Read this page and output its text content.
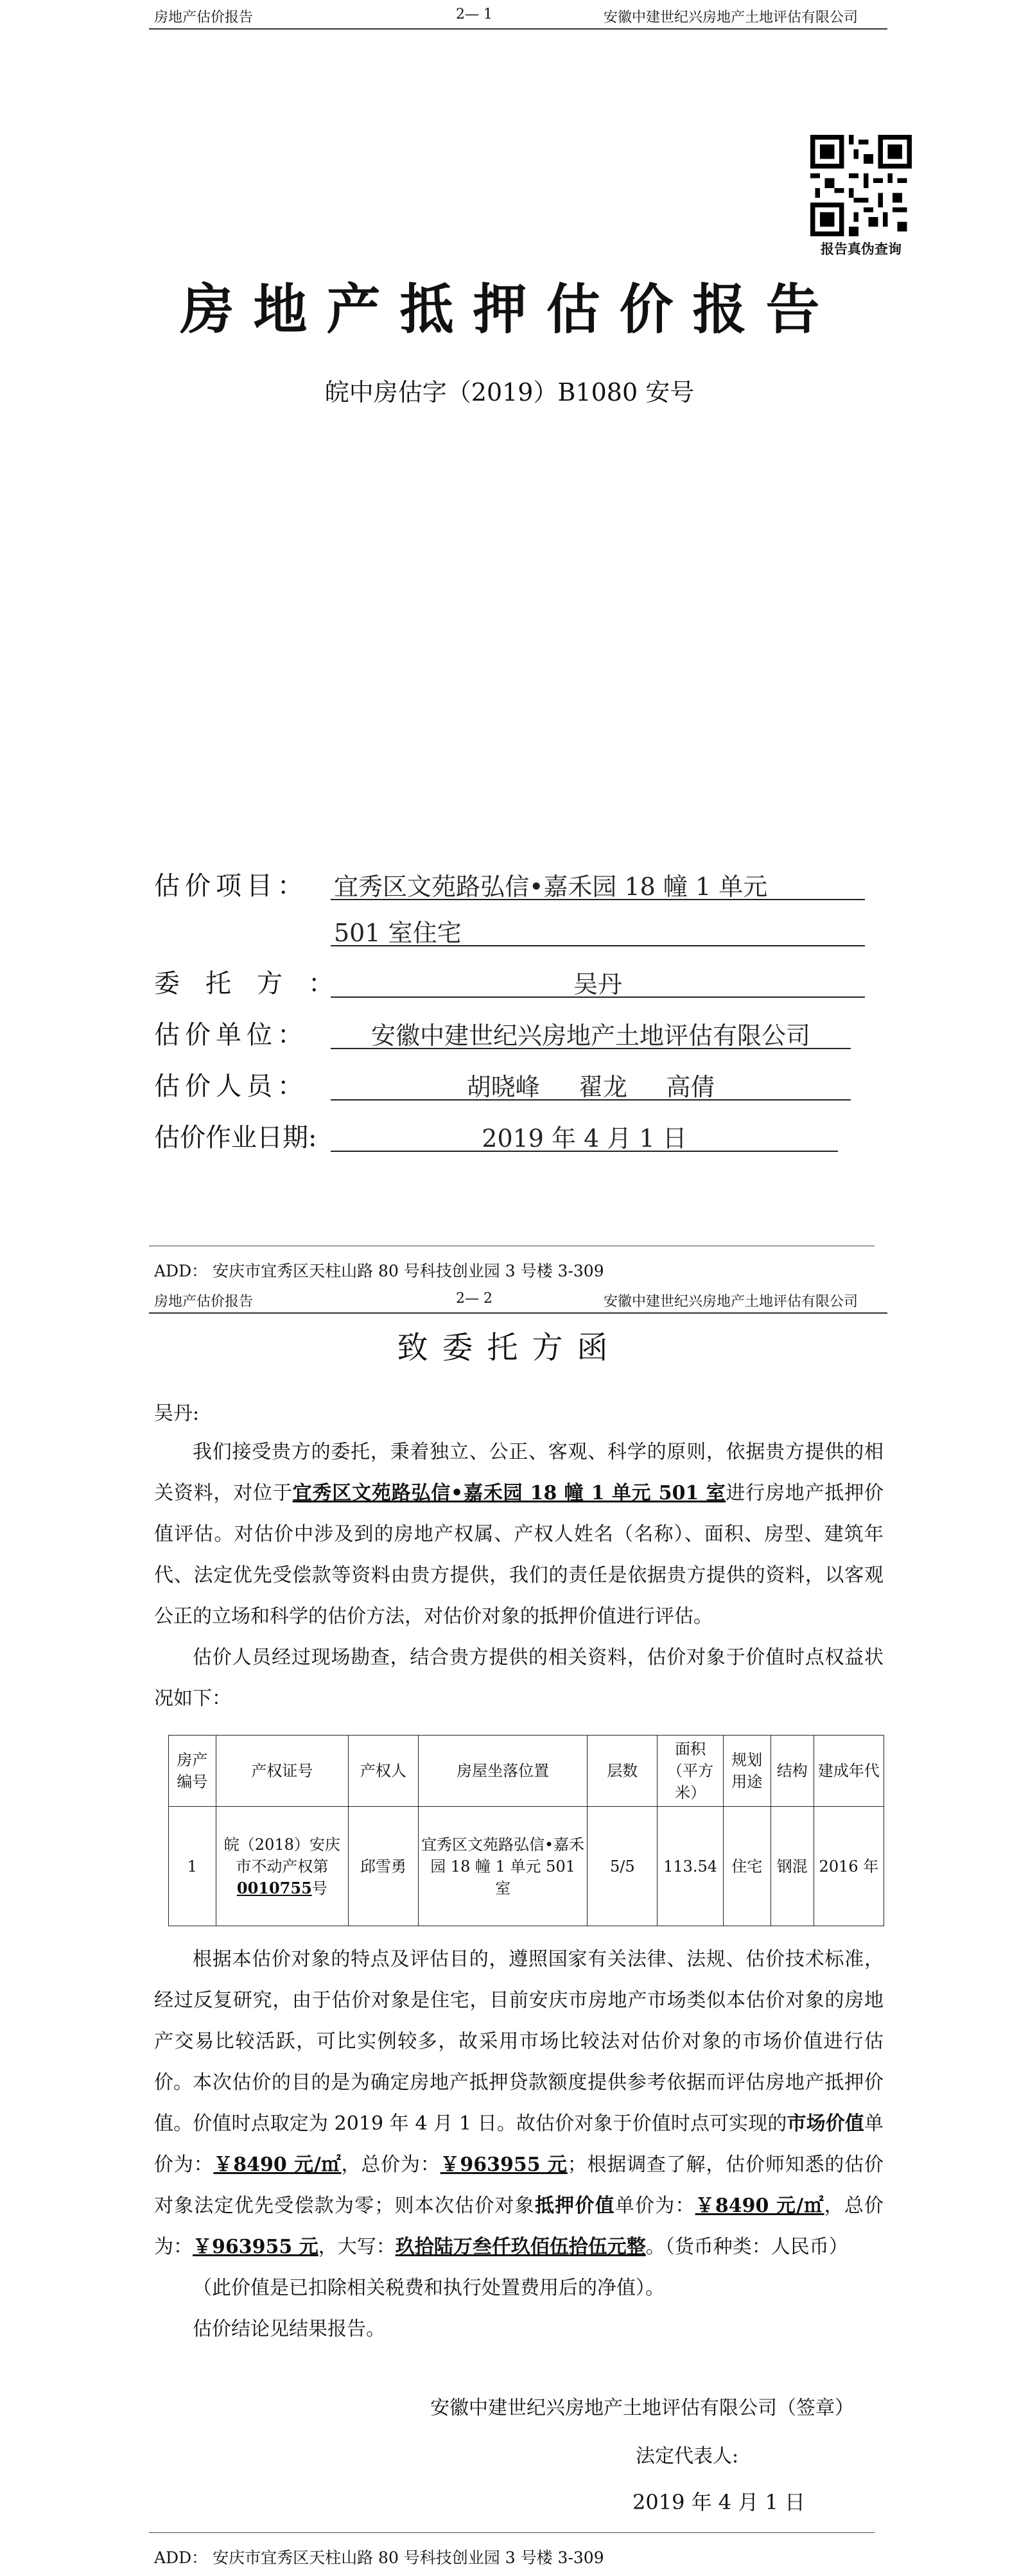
房地产估价报告	2— 1	安徽中建世纪兴房地产土地评估有限公司
报告真伪查询
房地产抵押估价报告
皖中房估字（2019）B1080 安号
估价项目： 宜秀区文苑路弘信•嘉禾园 18 幢 1 单元
501 室住宅
委托方：	吴丹
估价单位：	安徽中建世纪兴房地产土地评估有限公司
估价人员：	胡晓峰     翟龙     高倩
估价作业日期:	2019 年 4 月 1 日
ADD： 安庆市宜秀区天柱山路 80 号科技创业园 3 号楼 3-309
房地产估价报告	2— 2	安徽中建世纪兴房地产土地评估有限公司
致委托方函
吴丹:
我们接受贵方的委托，秉着独立、公正、客观、科学的原则，依据贵方提供的相关资料，对位于宜秀区文苑路弘信•嘉禾园 18 幢 1 单元 501 室进行房地产抵押价值评估。对估价中涉及到的房地产权属、产权人姓名（名称）、面积、房型、建筑年代、法定优先受偿款等资料由贵方提供，我们的责任是依据贵方提供的资料，以客观公正的立场和科学的估价方法，对估价对象的抵押价值进行评估。
估价人员经过现场勘查，结合贵方提供的相关资料，估价对象于价值时点权益状况如下：
房产编号	产权证号	产权人	房屋坐落位置	层数	面积（平方米）	规划用途	结构	建成年代
1	皖（2018）安庆市不动产权第0010755号	邱雪勇	宜秀区文苑路弘信•嘉禾园 18 幢 1 单元 501 室	5/5	113.54	住宅	钢混	2016 年
根据本估价对象的特点及评估目的，遵照国家有关法律、法规、估价技术标准，经过反复研究，由于估价对象是住宅，目前安庆市房地产市场类似本估价对象的房地产交易比较活跃，可比实例较多，故采用市场比较法对估价对象的市场价值进行估价。 本次估价的目的是为确定房地产抵押贷款额度提供参考依据而评估房地产抵押价值。价值时点取定为 2019 年 4 月 1 日。故估价对象于价值时点可实现的市场价值单价为：￥8490 元/㎡，总价为：￥963955 元；根据调查了解，估价师知悉的估价对象法定优先受偿款为零；则本次估价对象抵押价值单价为：￥8490 元/㎡，总价为：￥963955 元，大写：玖拾陆万叁仟玖佰伍拾伍元整。（货币种类：人民币）
（此价值是已扣除相关税费和执行处置费用后的净值）。
估价结论见结果报告。
安徽中建世纪兴房地产土地评估有限公司（签章）
法定代表人:
2019 年 4 月 1 日
ADD： 安庆市宜秀区天柱山路 80 号科技创业园 3 号楼 3-309
